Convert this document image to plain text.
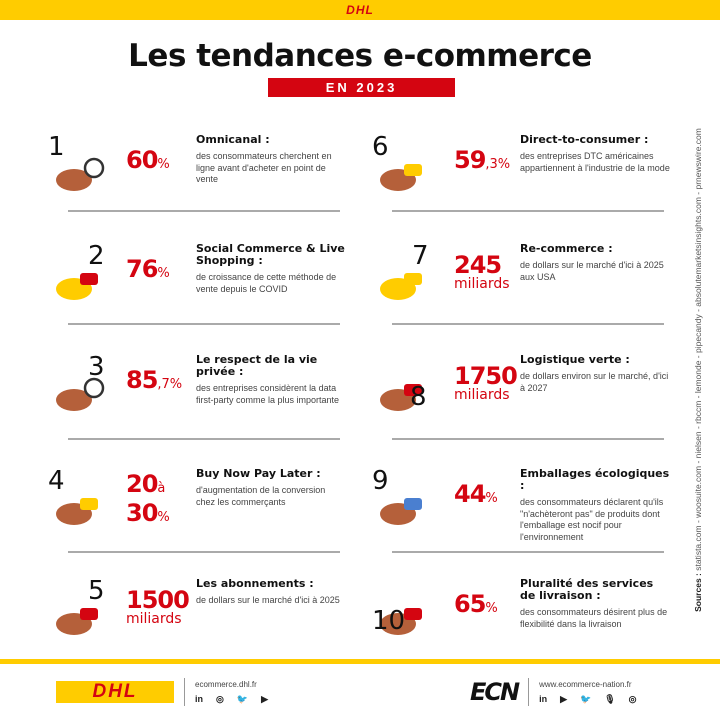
DHL
Les tendances e-commerce
EN 2023
1	60%
Omnicanal :

des consommateurs cherchent en ligne avant d'acheter en point de vente

2 76%
Social Commerce & Live Shopping :

de croissance de cette méthode de vente depuis le COVID

3 85,7%
Le respect de la vie privée :

des entreprises considèrent la data first-party comme la plus importante

4	20à
30%
Buy Now Pay Later :

d'augmentation de la conversion chez les commerçants

5 1500
miliards
Les abonnements :

de dollars sur le marché d'ici à 2025

6	59,3%
Direct-to-consumer :

des entreprises DTC américaines appartiennent à l'industrie de la mode

7 245
miliards
Re-commerce :

de dollars sur le marché d'ici à 2025 aux USA

8
1750
miliards
Logistique verte :

de dollars environ sur le marché, d'ici à 2027

9	44%
Emballages écologiques :

des consommateurs déclarent qu'ils "n'achèteront pas" de produits dont l'emballage est nocif pour l'environnement

10
65%
Pluralité des services de livraison :

des consommateurs désirent plus de flexibilité dans la livraison

Sources : statista.com - woosuite.com - nielsen - rbccm - lemonde - pipecandy - absolutemarketsinsights.com - prnewswire.com
DHL	ecommerce.dhl.fr
in ◎ 🐦 ▶	ECN	www.ecommerce-nation.fr
in ▶ 🐦 🎙 ◎
